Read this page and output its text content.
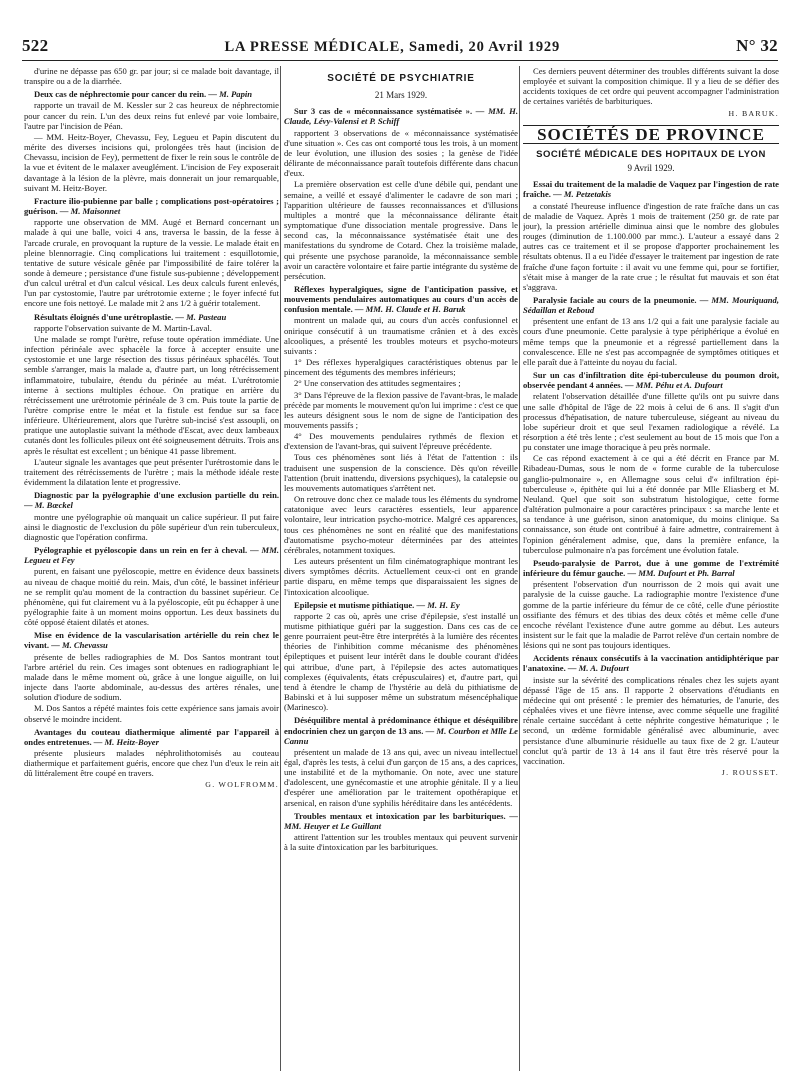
522	LA PRESSE MÉDICALE, Samedi, 20 Avril 1929	N° 32

d'urine ne dépasse pas 650 gr. par jour; si ce malade boit davantage, il transpire ou a de la diarrhée.

Deux cas de néphrectomie pour cancer du rein. — M. Papin

rapporte un travail de M. Kessler sur 2 cas heureux de néphrectomie pour cancer du rein. L'un des deux reins fut enlevé par voie lombaire, l'autre par l'incision de Péan.

— MM. Heitz-Boyer, Chevassu, Fey, Legueu et Papin discutent du mérite des diverses incisions qui, prolongées très haut (incision de Chevassu, incision de Fey), permettent de fixer le rein sous le contrôle de la vue et évitent de le malaxer aveuglément. L'incision de Fey exposerait davantage à la lésion de la plèvre, mais donnerait un jour remarquable, suivant M. Heitz-Boyer.

Fracture ilio-pubienne par balle ; complications post-opératoires ; guérison. — M. Maisonnet

rapporte une observation de MM. Augé et Bernard concernant un malade à qui une balle, voici 4 ans, traversa le bassin, de la fesse à l'arcade crurale, en provoquant la rupture de la vessie. Le malade était en pleine blennorragie. Cinq complications lui traitement : esquillotomie, tentative de suture vésicale gênée par l'impossibilité de faire tolérer la sonde à demeure ; persistance d'une fistule sus-pubienne ; développement d'un calcul urétral et d'un calcul vésical. Les deux calculs furent enlevés, l'un par cystostomie, l'autre par urétrotomie externe ; le foyer infecté fut encore une fois nettoyé. Le malade mit 2 ans 1/2 à guérir totalement.

Résultats éloignés d'une urétroplastie. — M. Pasteau

rapporte l'observation suivante de M. Martin-Laval.

Une malade se rompt l'urètre, refuse toute opération immédiate. Une infection périnéale avec sphacèle la force à accepter ensuite une cystostomie et une large résection des tissus périnéaux sphacélés. Tout semble s'arranger, mais la malade a, d'autre part, un long rétrécissement inflammatoire, tubulaire, étendu du périnée au méat. L'urétrotomie interne à sections multiples échoue. On pratique en arrière du rétrécissement une urétrotomie périnéale de 3 cm. Puis toute la partie de l'urètre comprise entre le méat et la fistule est fendue sur sa face inférieure. Ultérieurement, alors que l'urètre sub-incisé s'est assoupli, on pratique une autoplastie suivant la méthode d'Escat, avec deux lambeaux cutanés dont les follicules pileux ont été soigneusement détruits. Trois ans après le résultat est excellent ; un bénique 41 passe librement.

L'auteur signale les avantages que peut présenter l'urétrostomie dans le traitement des rétrécissements de l'urètre ; mais la méthode idéale reste évidemment la dilatation lente et progressive.

Diagnostic par la pyélographie d'une exclusion partielle du rein. — M. Bœckel

montre une pyélographie où manquait un calice supérieur. Il put faire ainsi le diagnostic de l'exclusion du pôle supérieur d'un rein tuberculeux, diagnostic que l'opération confirma.

Pyélographie et pyéloscopie dans un rein en fer à cheval. — MM. Legueu et Fey

purent, en faisant une pyéloscopie, mettre en évidence deux bassinets au niveau de chaque moitié du rein. Mais, d'un côté, le bassinet inférieur ne se remplit qu'au moment de la contraction du bassinet supérieur. Ce phénomène, qui fut clairement vu à la pyéloscopie, eût pu échapper à une pyélographie faite à un moment moins opportun. Les deux bassinets du côté opposé étaient dilatés et atones.

Mise en évidence de la vascularisation artérielle du rein chez le vivant. — M. Chevassu

présente de belles radiographies de M. Dos Santos montrant tout l'arbre artériel du rein. Ces images sont obtenues en radiographiant le malade dans le même moment où, grâce à une longue aiguille, on lui injecte dans l'aorte abdominale, au-dessus des artères rénales, une solution d'iodure de sodium.

M. Dos Santos a répété maintes fois cette expérience sans jamais avoir observé le moindre incident.

Avantages du couteau diathermique alimenté par l'appareil à ondes entretenues. — M. Heitz-Boyer

présente plusieurs malades néphrolithotomisés au couteau diathermique et parfaitement guéris, encore que chez l'un d'eux le rein ait dû littéralement être coupé en travers.

G. WOLFROMM.

SOCIÉTÉ DE PSYCHIATRIE
21 Mars 1929.

Sur 3 cas de « méconnaissance systématisée ». — MM. H. Claude, Lévy-Valensi et P. Schiff

rapportent 3 observations de « méconnaissance systématisée d'une situation ». Ces cas ont comporté tous les trois, à un moment de leur évolution, une illusion des sosies ; la genèse de l'idée délirante de méconnaissance paraît toutefois différente dans chacun d'eux.

La première observation est celle d'une débile qui, pendant une semaine, a veillé et essayé d'alimenter le cadavre de son mari ; l'apparition ultérieure de fausses reconnaissances et d'illusions multiples a montré que la méconnaissance délirante était symptomatique d'une dissociation mentale progressive. Dans le second cas, la méconnaissance systématisée était une des manifestations du syndrome de Cotard. Chez la troisième malade, qui présente une psychose paranoïde, la méconnaissance semble avoir un caractère volontaire et faire partie intégrante du système de persécution.

Réflexes hyperalgiques, signe de l'anticipation passive, et mouvements pendulaires automatiques au cours d'un accès de confusion mentale. — MM. H. Claude et H. Baruk

montrent un malade qui, au cours d'un accès confusionnel et onirique consécutif à un traumatisme crânien et à des excès alcooliques, a présenté les troubles moteurs et psycho-moteurs suivants :

1° Des réflexes hyperalgiques caractéristiques obtenus par le pincement des téguments des membres inférieurs;

2° Une conservation des attitudes segmentaires ;

3° Dans l'épreuve de la flexion passive de l'avant-bras, le malade précède par moments le mouvement qu'on lui imprime : c'est ce que les auteurs désignent sous le nom de signe de l'anticipation des mouvements passifs ;

4° Des mouvements pendulaires rythmés de flexion et d'extension de l'avant-bras, qui suivent l'épreuve précédente.

Tous ces phénomènes sont liés à l'état de l'attention : ils traduisent une suspension de la conscience. Dès qu'on réveille l'attention (bruit inattendu, diversions psychiques), la catalepsie ou les mouvements automatiques s'arrêtent net.

On retrouve donc chez ce malade tous les éléments du syndrome catatonique avec leurs caractères essentiels, leur apparence volontaire, leur intrication psycho-motrice. Malgré ces apparences, tous ces phénomènes ne sont en réalité que des manifestations d'automatisme psycho-moteur déterminées par des atteintes cérébrales, notamment toxiques.

Les auteurs présentent un film cinématographique montrant les divers symptômes décrits. Actuellement ceux-ci ont en grande partie disparu, en même temps que disparaissaient les signes de l'intoxication alcoolique.

Epilepsie et mutisme pithiatique. — M. H. Ey

rapporte 2 cas où, après une crise d'épilepsie, s'est installé un mutisme pithiatique guéri par la suggestion. Dans ces cas de ce genre pourraient peut-être être interprétés à la lumière des récentes théories de l'inhibition comme mécanisme des phénomènes épileptiques et puisent leur intérêt dans le double courant d'idées qui attribue, d'une part, à l'épilepsie des actes automatiques complexes (équivalents, états crépusculaires) et, d'autre part, qui tend à étendre le champ de l'hystérie au delà du pithiatisme de Babinski et à lui supposer même un substratum mésencéphalique (Marinesco).

Déséquilibre mental à prédominance éthique et déséquilibre endocrinien chez un garçon de 13 ans. — M. Courbon et Mlle Le Cannu

présentent un malade de 13 ans qui, avec un niveau intellectuel égal, d'après les tests, à celui d'un garçon de 15 ans, a des caprices, une instabilité et de la mythomanie. On note, avec une stature d'adolescent, une gynécomastie et une atrophie génitale. Il y a lieu d'espérer une amélioration par le traitement opothérapique et arsenical, en raison d'une syphilis héréditaire dans les antécédents.

Troubles mentaux et intoxication par les barbituriques. — MM. Heuyer et Le Guillant

attirent l'attention sur les troubles mentaux qui peuvent survenir à la suite d'intoxication par les barbituriques.

Ces derniers peuvent déterminer des troubles différents suivant la dose employée et suivant la composition chimique. Il y a lieu de se défier des accidents toxiques de cet ordre qui peuvent accompagner l'administration de certaines variétés de barbituriques.

H. BARUK.

SOCIÉTÉS DE PROVINCE
SOCIÉTÉ MÉDICALE DES HOPITAUX DE LYON
9 Avril 1929.

Essai du traitement de la maladie de Vaquez par l'ingestion de rate fraîche. — M. Petzetakis

a constaté l'heureuse influence d'ingestion de rate fraîche dans un cas de maladie de Vaquez. Après 1 mois de traitement (250 gr. de rate par jour), la pression artérielle diminua ainsi que le nombre des globules rouges (diminution de 1.100.000 par mmc.). L'auteur a essayé dans 2 autres cas ce traitement et il se propose d'apporter prochainement les résultats obtenus. Il a eu l'idée d'essayer le traitement par ingestion de rate fraîche d'une façon fortuite : il avait vu une femme qui, pour se fortifier, s'était mise à manger de la rate crue ; le résultat fut mauvais et son état s'aggrava.

Paralysie faciale au cours de la pneumonie. — MM. Mouriquand, Sédaillan et Reboud

présentent une enfant de 13 ans 1/2 qui a fait une paralysie faciale au cours d'une pneumonie. Cette paralysie à type périphérique a évolué en même temps que la pneumonie et a régressé partiellement dans la convalescence. Elle ne s'est pas accompagnée de symptômes otitiques et elle paraît due à l'atteinte du noyau du facial.

Sur un cas d'infiltration dite épi-tuberculeuse du poumon droit, observée pendant 4 années. — MM. Péhu et A. Dufourt

relatent l'observation détaillée d'une fillette qu'ils ont pu suivre dans une salle d'hôpital de l'âge de 22 mois à celui de 6 ans. Il s'agit d'un processus d'hépatisation, de nature tuberculeuse, siégeant au niveau du lobe supérieur droit et que seul l'examen radiologique a révélé. La résorption a été très lente ; c'est seulement au bout de 15 mois que l'on a pu constater une image thoracique à peu près normale.

Ce cas répond exactement à ce qui a été décrit en France par M. Ribadeau-Dumas, sous le nom de « forme curable de la tuberculose ganglio-pulmonaire », en Allemagne sous celui d'« infiltration épi-tuberculeuse », épithète qui lui a été donnée par Mlle Eliasberg et M. Neuland. Quel que soit son substratum histologique, cette forme d'altération pulmonaire a pour caractères principaux : sa marche lente et sa tendance à une guérison, sinon anatomique, du moins clinique. Sa connaissance, son étude ont contribué à faire admettre, contrairement à l'opinion généralement admise, que, dans la première enfance, la tuberculose pulmonaire n'a pas forcément une évolution fatale.

Pseudo-paralysie de Parrot, due à une gomme de l'extrémité inférieure du fémur gauche. — MM. Dufourt et Ph. Barral

présentent l'observation d'un nourrisson de 2 mois qui avait une paralysie de la cuisse gauche. La radiographie montre l'existence d'une gomme de la partie inférieure du fémur de ce côté, celle d'une périostite ossifiante des fémurs et des tibias des deux côtés et même celle d'une encoche révélant l'existence d'une autre gomme au début. Les auteurs insistent sur le fait que la maladie de Parrot relève d'un certain nombre de lésions qui ne sont pas toujours identiques.

Accidents rénaux consécutifs à la vaccination antidiphtérique par l'anatoxine. — M. A. Dufourt

insiste sur la sévérité des complications rénales chez les sujets ayant dépassé l'âge de 15 ans. Il rapporte 2 observations d'étudiants en médecine qui ont présenté : le premier des hématuries, de l'anurie, des céphalées vives et une fièvre intense, avec comme séquelle une fragilité rénale certaine succédant à cette néphrite congestive hématurique ; le second, un œdème formidable généralisé avec albuminurie, avec persistance d'une albuminurie résiduelle au taux fixe de 2 gr. L'auteur conclut qu'à partir de 13 à 14 ans il faut être très réservé pour la vaccination.

J. ROUSSET.
